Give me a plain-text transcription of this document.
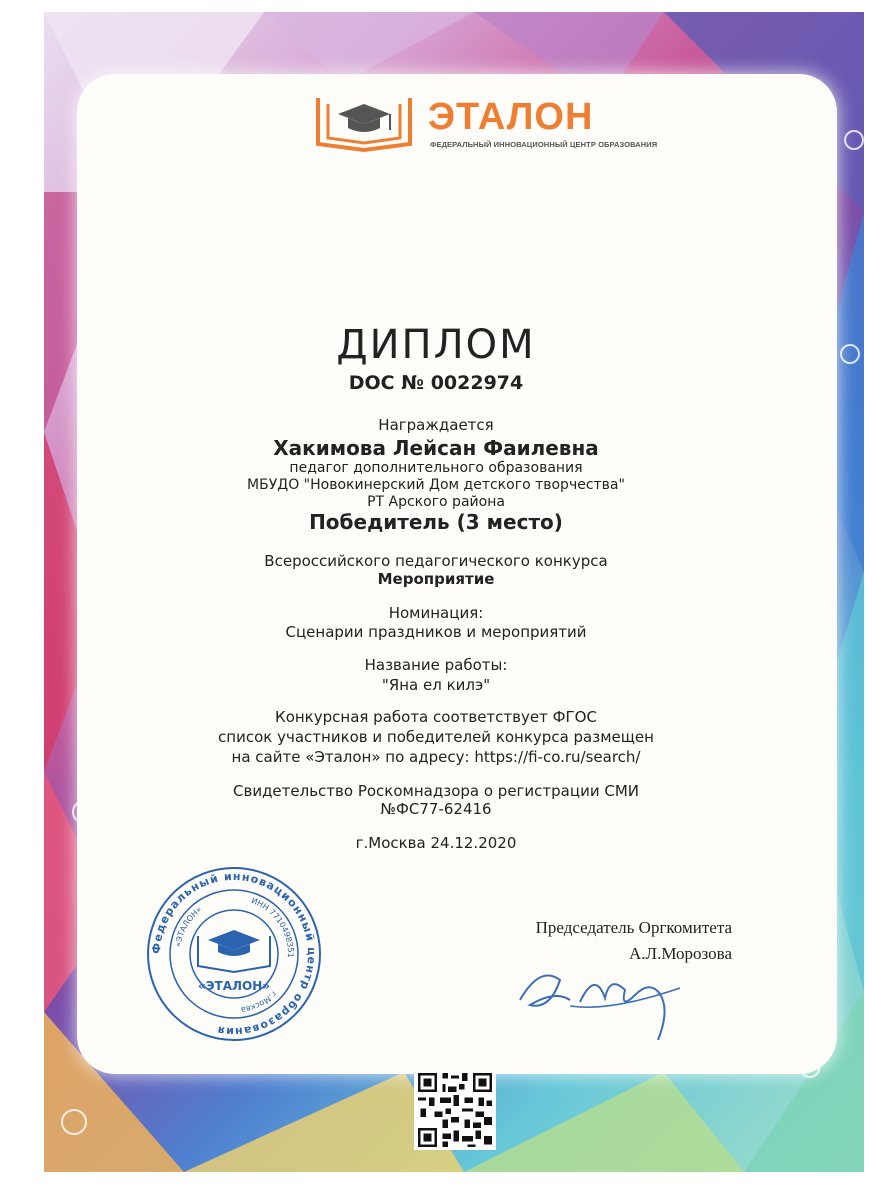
ЭТАЛОН
ФЕДЕРАЛЬНЫЙ ИННОВАЦИОННЫЙ ЦЕНТР ОБРАЗОВАНИЯ
ДИПЛОМ
DOC № 0022974
Награждается
Хакимова Лейсан Фаилевна
педагог дополнительного образования
МБУДО "Новокинерский Дом детского творчества"
РТ Арского района
Победитель (3 место)
Всероссийского педагогического конкурса
Мероприятие
Номинация:
Сценарии праздников и мероприятий
Название работы:
"Яна ел килэ"
Конкурсная работа соответствует ФГОС
список участников и победителей конкурса размещен
на сайте «Эталон» по адресу: https://fi-co.ru/search/
Свидетельство Роскомнадзора о регистрации СМИ
№ФС77-62416
г.Москва 24.12.2020
Федеральный инновационный центр образования
ИНН 7710498351
г.Москва
«ЭТАЛОН»
«ЭТАЛОН»
Председатель Оргкомитета
А.Л.Морозова
